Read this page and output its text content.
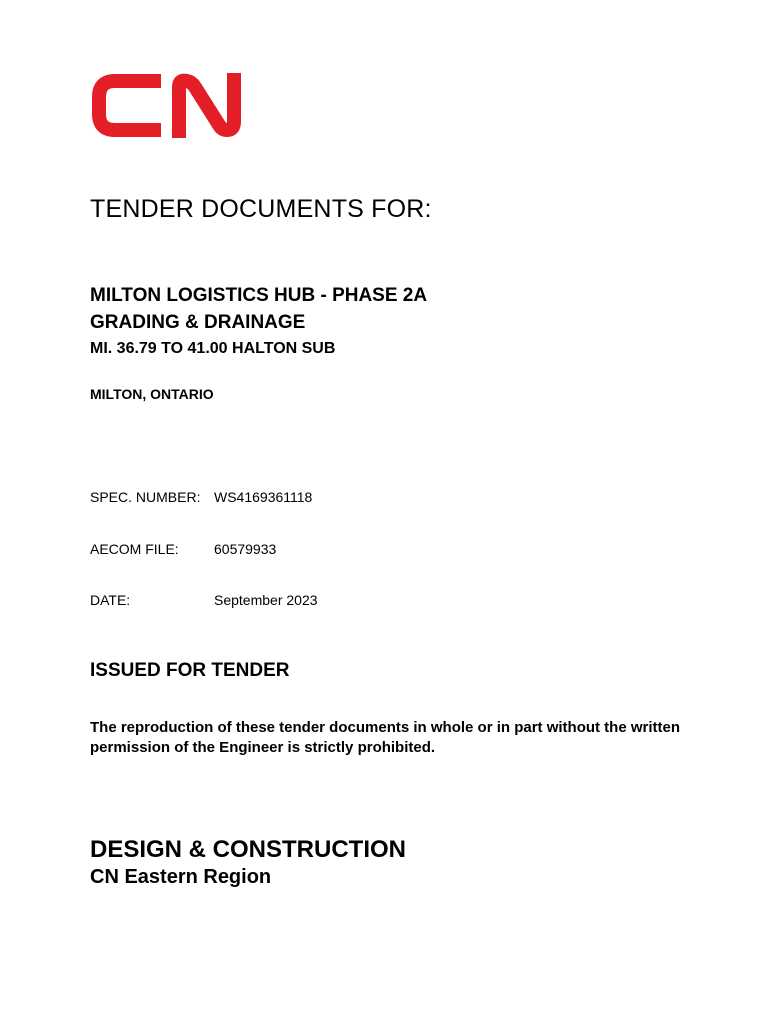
TENDER DOCUMENTS FOR:
MILTON LOGISTICS HUB - PHASE 2A
GRADING & DRAINAGE
MI. 36.79 TO 41.00 HALTON SUB
MILTON, ONTARIO
SPEC. NUMBER: WS4169361118
AECOM FILE:	60579933
DATE:	September 2023
ISSUED FOR TENDER
The reproduction of these tender documents in whole or in part without the written permission of the Engineer is strictly prohibited.
DESIGN & CONSTRUCTION
CN Eastern Region
